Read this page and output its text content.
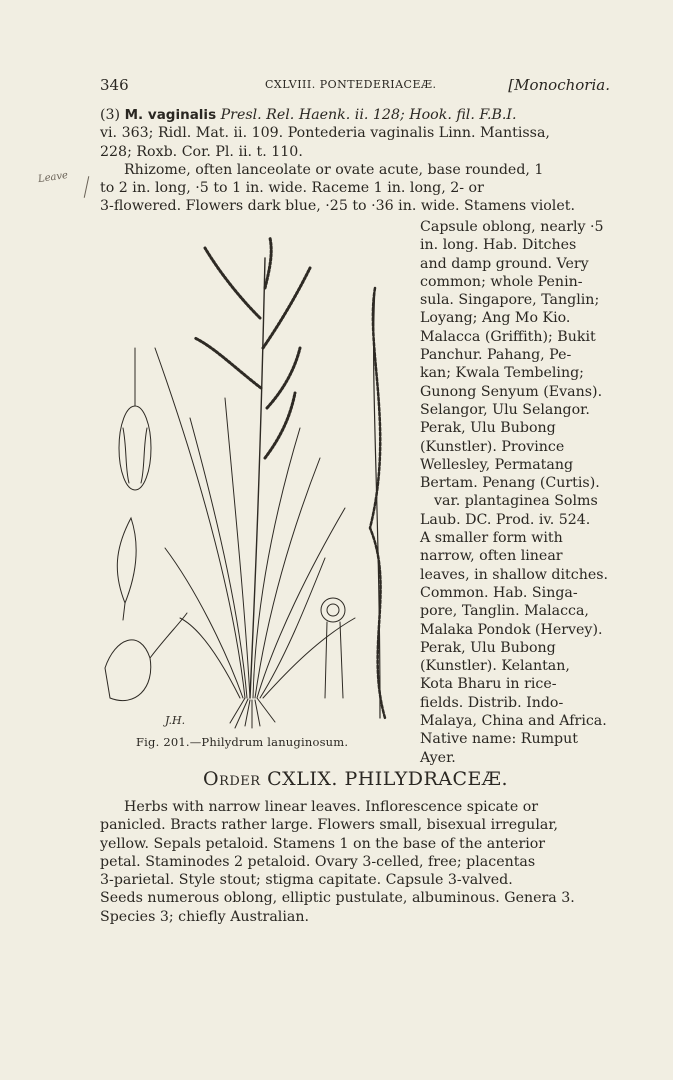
346	CXLVIII. PONTEDERIACEÆ.	[Monochoria.
Leave

(3) M. vaginalis Presl. Rel. Haenk. ii. 128; Hook. fil. F.B.I.

vi. 363; Ridl. Mat. ii. 109. Pontederia vaginalis Linn. Mantissa,

228; Roxb. Cor. Pl. ii. t. 110.

Rhizome, often lanceolate or ovate acute, base rounded, 1

to 2 in. long, ·5 to 1 in. wide. Raceme 1 in. long, 2- or

3-flowered. Flowers dark blue, ·25 to ·36 in. wide. Stamens violet.

Capsule oblong, nearly ·5

in. long. Hab. Ditches

and damp ground. Very

common; whole Penin-

sula. Singapore, Tanglin;

Loyang; Ang Mo Kio.

Malacca (Griffith); Bukit

Panchur. Pahang, Pe-

kan; Kwala Tembeling;

Gunong Senyum (Evans).

Selangor, Ulu Selangor.

Perak, Ulu Bubong

(Kunstler). Province

Wellesley, Permatang

Bertam. Penang (Curtis).

var. plantaginea Solms

Laub. DC. Prod. iv. 524.

A smaller form with

narrow, often linear

leaves, in shallow ditches.

Common. Hab. Singa-

pore, Tanglin. Malacca,

Malaka Pondok (Hervey).

Perak, Ulu Bubong

(Kunstler). Kelantan,

Kota Bharu in rice-

fields. Distrib. Indo-

Malaya, China and Africa.

Native name: Rumput

Ayer.

J.H.
Fig. 201.—Philydrum lanuginosum.
Order CXLIX. PHILYDRACEÆ.

Herbs with narrow linear leaves. Inflorescence spicate or

panicled. Bracts rather large. Flowers small, bisexual irregular,

yellow. Sepals petaloid. Stamens 1 on the base of the anterior

petal. Staminodes 2 petaloid. Ovary 3-celled, free; placentas

3-parietal. Style stout; stigma capitate. Capsule 3-valved.

Seeds numerous oblong, elliptic pustulate, albuminous. Genera 3.

Species 3; chiefly Australian.
